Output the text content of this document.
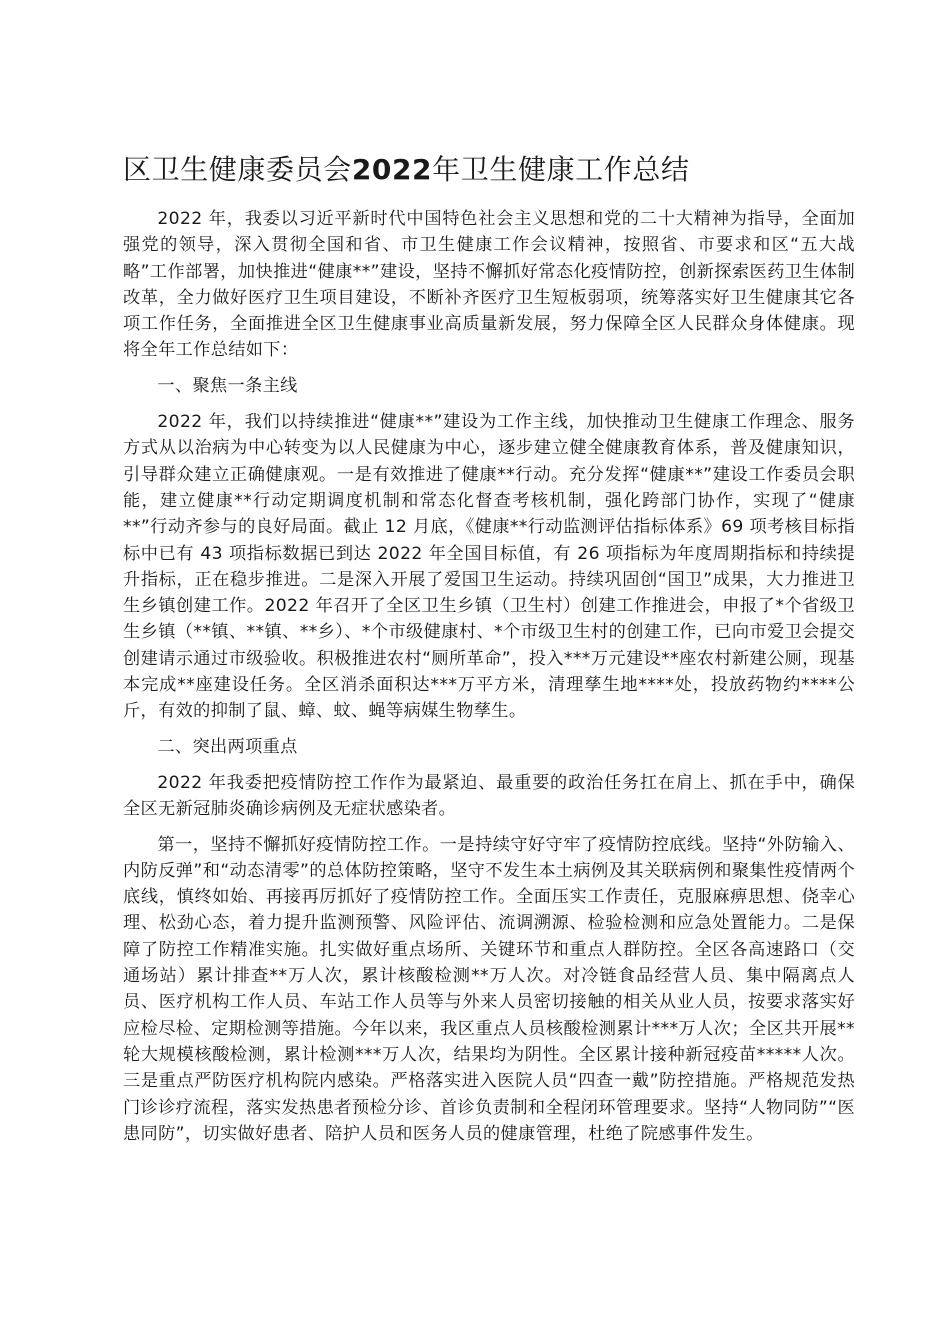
区卫生健康委员会2022年卫生健康工作总结

2022 年，我委以习近平新时代中国特色社会主义思想和党的二十大精神为指导，全面加强党的领导，深入贯彻全国和省、市卫生健康工作会议精神，按照省、市要求和区“五大战略”工作部署，加快推进“健康**”建设，坚持不懈抓好常态化疫情防控，创新探索医药卫生体制改革，全力做好医疗卫生项目建设，不断补齐医疗卫生短板弱项，统筹落实好卫生健康其它各项工作任务，全面推进全区卫生健康事业高质量新发展，努力保障全区人民群众身体健康。现将全年工作总结如下：

一、聚焦一条主线

2022 年，我们以持续推进“健康**”建设为工作主线，加快推动卫生健康工作理念、服务方式从以治病为中心转变为以人民健康为中心，逐步建立健全健康教育体系，普及健康知识，引导群众建立正确健康观。一是有效推进了健康**行动。充分发挥“健康**”建设工作委员会职能，建立健康**行动定期调度机制和常态化督查考核机制，强化跨部门协作，实现了“健康**”行动齐参与的良好局面。截止 12 月底，《健康**行动监测评估指标体系》69 项考核目标指标中已有 43 项指标数据已到达 2022 年全国目标值，有 26 项指标为年度周期指标和持续提升指标，正在稳步推进。二是深入开展了爱国卫生运动。持续巩固创“国卫”成果，大力推进卫生乡镇创建工作。2022 年召开了全区卫生乡镇（卫生村）创建工作推进会，申报了*个省级卫生乡镇（**镇、**镇、**乡）、*个市级健康村、*个市级卫生村的创建工作，已向市爱卫会提交创建请示通过市级验收。积极推进农村“厕所革命”，投入***万元建设**座农村新建公厕，现基本完成**座建设任务。全区消杀面积达***万平方米，清理孳生地****处，投放药物约****公斤，有效的抑制了鼠、蟑、蚊、蝇等病媒生物孳生。

二、突出两项重点

2022 年我委把疫情防控工作作为最紧迫、最重要的政治任务扛在肩上、抓在手中，确保全区无新冠肺炎确诊病例及无症状感染者。

第一，坚持不懈抓好疫情防控工作。一是持续守好守牢了疫情防控底线。坚持“外防输入、内防反弹”和“动态清零”的总体防控策略，坚守不发生本土病例及其关联病例和聚集性疫情两个底线，慎终如始、再接再厉抓好了疫情防控工作。全面压实工作责任，克服麻痹思想、侥幸心理、松劲心态，着力提升监测预警、风险评估、流调溯源、检验检测和应急处置能力。二是保障了防控工作精准实施。扎实做好重点场所、关键环节和重点人群防控。全区各高速路口（交通场站）累计排查**万人次，累计核酸检测**万人次。对冷链食品经营人员、集中隔离点人员、医疗机构工作人员、车站工作人员等与外来人员密切接触的相关从业人员，按要求落实好应检尽检、定期检测等措施。今年以来，我区重点人员核酸检测累计***万人次；全区共开展**轮大规模核酸检测，累计检测***万人次，结果均为阴性。全区累计接种新冠疫苗*****人次。三是重点严防医疗机构院内感染。严格落实进入医院人员“四查一戴”防控措施。严格规范发热门诊诊疗流程，落实发热患者预检分诊、首诊负责制和全程闭环管理要求。坚持“人物同防”“医患同防”，切实做好患者、陪护人员和医务人员的健康管理，杜绝了院感事件发生。
